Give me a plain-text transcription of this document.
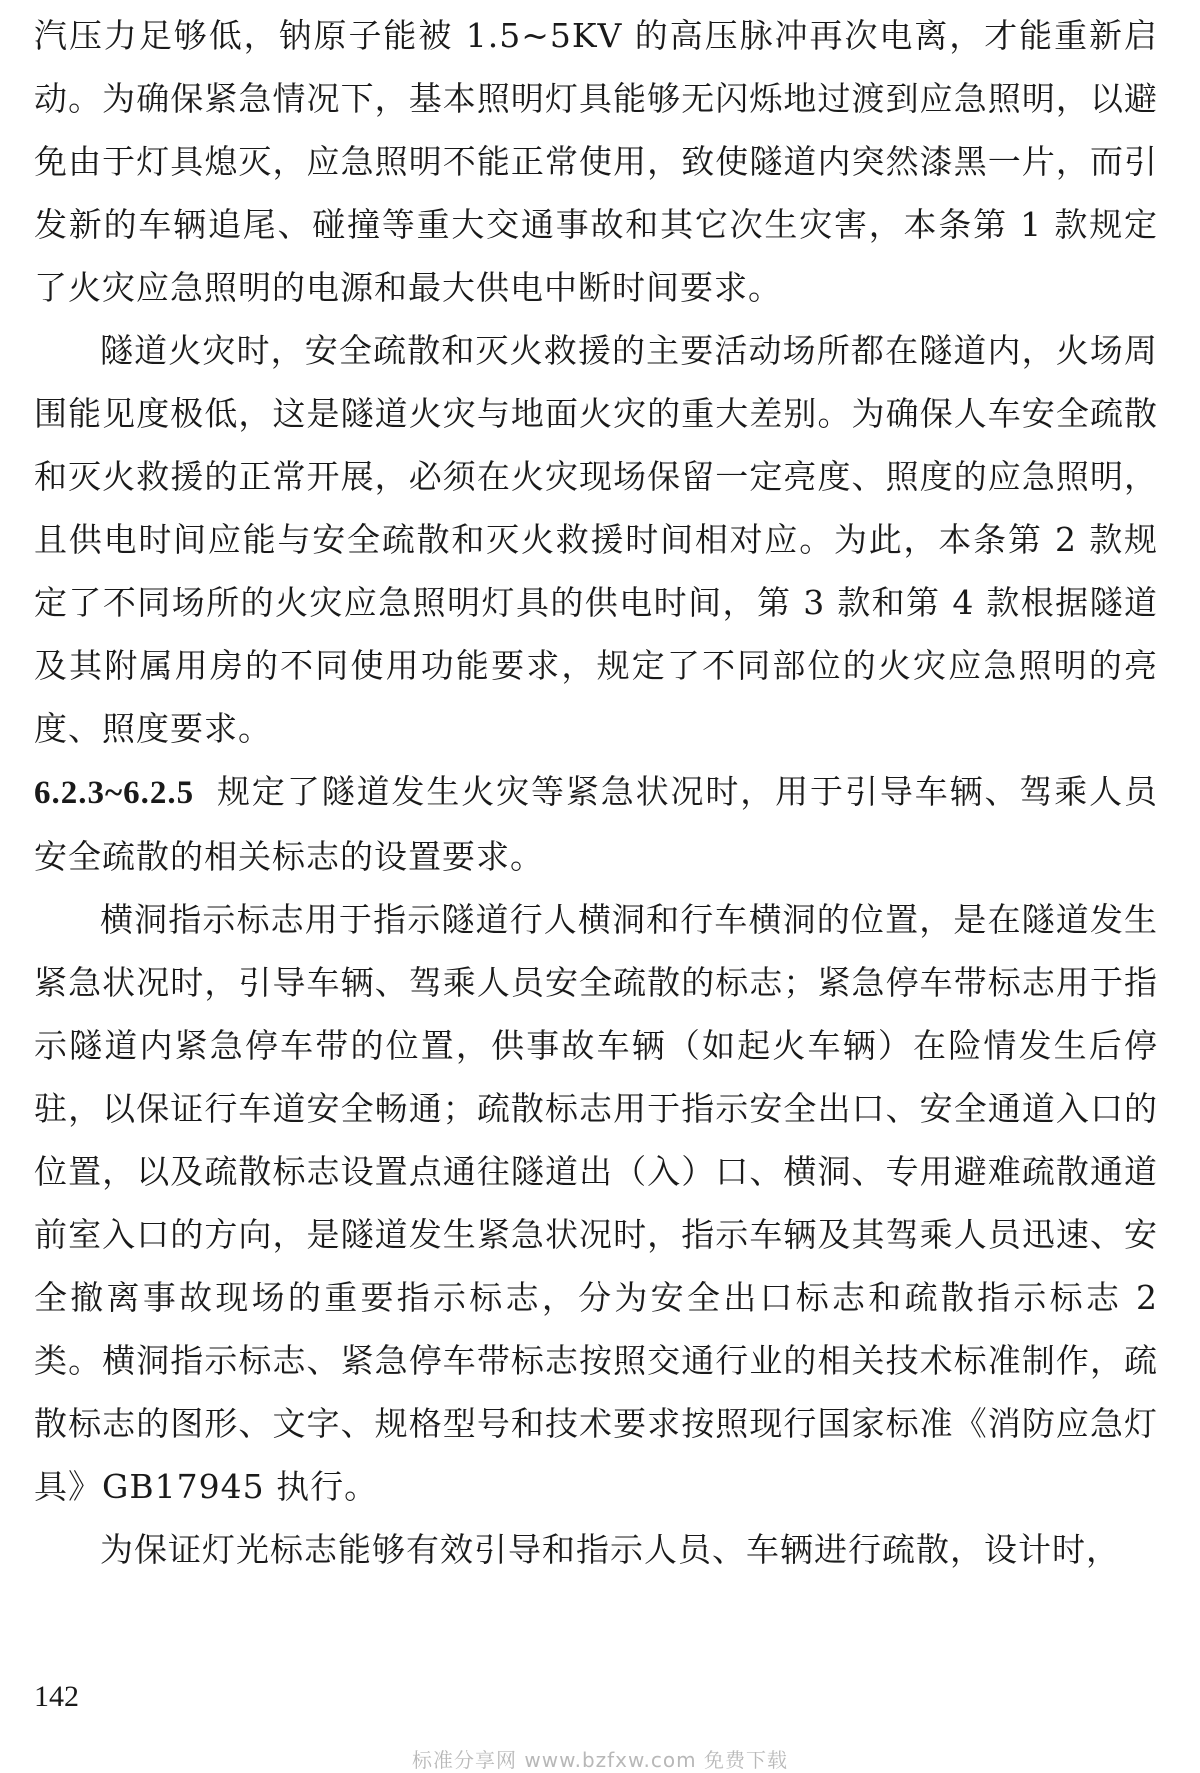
汽压力足够低，钠原子能被 1.5~5KV 的高压脉冲再次电离，才能重新启动。为确保紧急情况下，基本照明灯具能够无闪烁地过渡到应急照明，以避免由于灯具熄灭，应急照明不能正常使用，致使隧道内突然漆黑一片，而引发新的车辆追尾、碰撞等重大交通事故和其它次生灾害，本条第 1 款规定了火灾应急照明的电源和最大供电中断时间要求。

隧道火灾时，安全疏散和灭火救援的主要活动场所都在隧道内，火场周围能见度极低，这是隧道火灾与地面火灾的重大差别。为确保人车安全疏散和灭火救援的正常开展，必须在火灾现场保留一定亮度、照度的应急照明，且供电时间应能与安全疏散和灭火救援时间相对应。为此，本条第 2 款规定了不同场所的火灾应急照明灯具的供电时间，第 3 款和第 4 款根据隧道及其附属用房的不同使用功能要求，规定了不同部位的火灾应急照明的亮度、照度要求。

6.2.3~6.2.5 规定了隧道发生火灾等紧急状况时，用于引导车辆、驾乘人员安全疏散的相关标志的设置要求。

横洞指示标志用于指示隧道行人横洞和行车横洞的位置，是在隧道发生紧急状况时，引导车辆、驾乘人员安全疏散的标志；紧急停车带标志用于指示隧道内紧急停车带的位置，供事故车辆（如起火车辆）在险情发生后停驻，以保证行车道安全畅通；疏散标志用于指示安全出口、安全通道入口的位置，以及疏散标志设置点通往隧道出（入）口、横洞、专用避难疏散通道前室入口的方向，是隧道发生紧急状况时，指示车辆及其驾乘人员迅速、安全撤离事故现场的重要指示标志，分为安全出口标志和疏散指示标志 2 类。横洞指示标志、紧急停车带标志按照交通行业的相关技术标准制作，疏散标志的图形、文字、规格型号和技术要求按照现行国家标准《消防应急灯具》GB17945 执行。

为保证灯光标志能够有效引导和指示人员、车辆进行疏散，设计时，

142
标准分享网 www.bzfxw.com 免费下载
